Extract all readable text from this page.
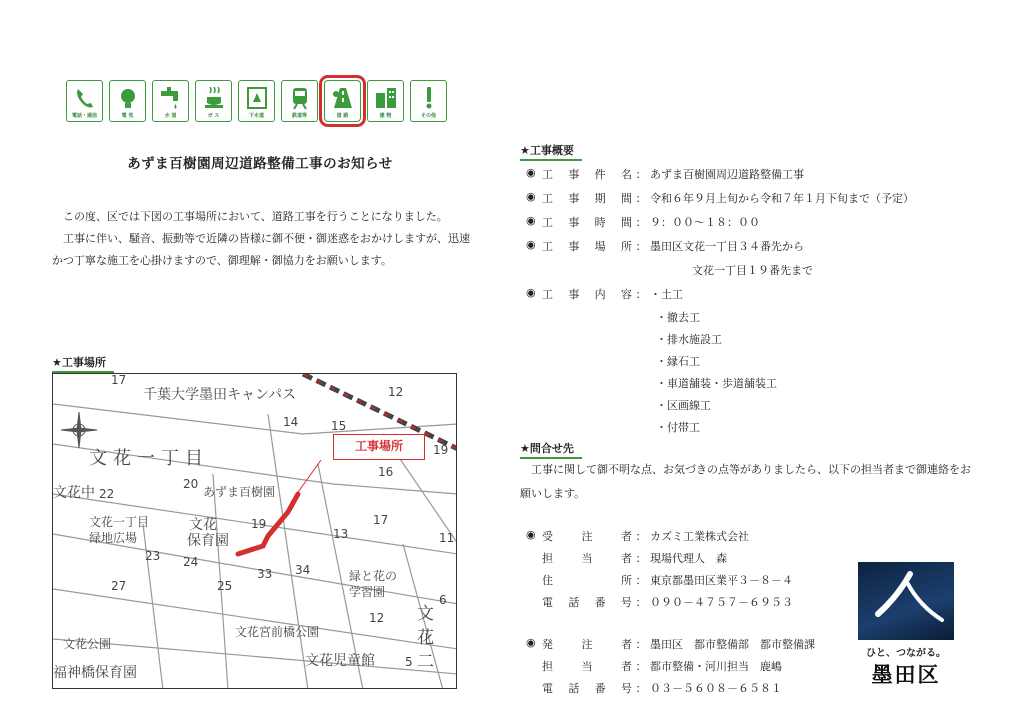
電話・通信	電 気	水 道	ガ ス	下水道	鉄道等	道 路	建 物	その他
あずま百樹園周辺道路整備工事のお知らせ

この度、区では下図の工事場所において、道路工事を行うことになりました。

工事に伴い、騒音、振動等で近隣の皆様に御不便・御迷惑をおかけしますが、迅速かつ丁寧な施工を心掛けますので、御理解・御協力をお願いします。

★工事場所
千葉大学墨田キャンパス
文花一丁目
工事場所
あずま百樹園
文花中
文花一丁目
緑地広場
文花
保育園
緑と花の
学習園
文花宮前橋公園
文花公園
文花児童館
福神橋保育園
文
花
二
17
12
14	15
16
19
20
22
19
13
17
11
23 24
27	25
33 34
6
12
5
★工事概要
◉ 工 事 件 名 ： あずま百樹園周辺道路整備工事
◉ 工 事 期 間 ： 令和６年９月上旬から令和７年１月下旬まで（予定）
◉ 工 事 時 間 ： ９：００〜１８：００
◉ 工 事 場 所 ： 墨田区文花一丁目３４番先から
文花一丁目１９番先まで
◉ 工 事 内 容 ： ・土工
・撤去工
・排水施設工
・縁石工
・車道舗装・歩道舗装工
・区画線工
・付帯工
★問合せ先

工事に関して御不明な点、お気づきの点等がありましたら、以下の担当者まで御連絡をお願いします。

◉ 受	注	者 ： カズミ工業株式会社
担	当	者 ： 現場代理人　森
住	所 ： 東京都墨田区業平３－８－４
電 話 番 号 ： ０９０－４７５７－６９５３
◉ 発	注	者 ： 墨田区　都市整備部　都市整備課
担	当	者 ： 都市整備・河川担当　鹿嶋
電 話 番 号 ： ０３－５６０８－６５８１
ひと、つながる。
墨田区
